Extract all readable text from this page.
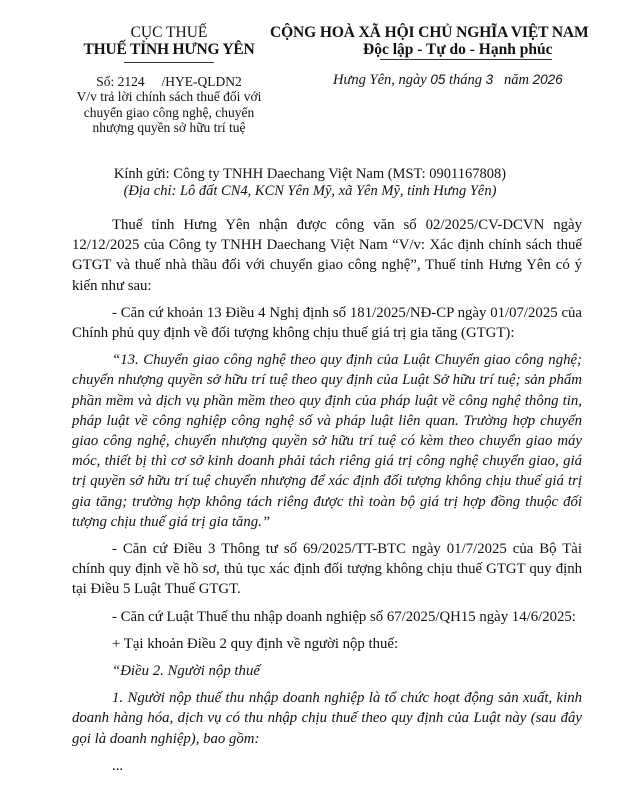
CỤC THUẾ
THUẾ TỈNH HƯNG YÊN
Số: 2124     /HYE-QLDN2
V/v trả lời chính sách thuế đối với
chuyển giao công nghệ, chuyển
nhượng quyền sở hữu trí tuệ
CỘNG HOÀ XÃ HỘI CHỦ NGHĨA VIỆT NAM
Độc lập - Tự do - Hạnh phúc
Hưng Yên, ngày 05 tháng 3   năm 2026
Kính gửi: Công ty TNHH Daechang Việt Nam (MST: 0901167808)
(Địa chỉ: Lô đất CN4, KCN Yên Mỹ, xã Yên Mỹ, tỉnh Hưng Yên)

Thuế tỉnh Hưng Yên nhận được công văn số 02/2025/CV-DCVN ngày 12/12/2025 của Công ty TNHH Daechang Việt Nam “V/v: Xác định chính sách thuế GTGT và thuế nhà thầu đối với chuyển giao công nghệ”, Thuế tỉnh Hưng Yên có ý kiến như sau:

- Căn cứ khoản 13 Điều 4 Nghị định số 181/2025/NĐ-CP ngày 01/07/2025 của Chính phủ quy định về đối tượng không chịu thuế giá trị gia tăng (GTGT):

“13. Chuyển giao công nghệ theo quy định của Luật Chuyển giao công nghệ; chuyển nhượng quyền sở hữu trí tuệ theo quy định của Luật Sở hữu trí tuệ; sản phẩm phần mềm và dịch vụ phần mềm theo quy định của pháp luật về công nghệ thông tin, pháp luật về công nghiệp công nghệ số và pháp luật liên quan. Trường hợp chuyển giao công nghệ, chuyển nhượng quyền sở hữu trí tuệ có kèm theo chuyển giao máy móc, thiết bị thì cơ sở kinh doanh phải tách riêng giá trị công nghệ chuyển giao, giá trị quyền sở hữu trí tuệ chuyển nhượng để xác định đối tượng không chịu thuế giá trị gia tăng; trường hợp không tách riêng được thì toàn bộ giá trị hợp đồng thuộc đối tượng chịu thuế giá trị gia tăng.”

- Căn cứ Điều 3 Thông tư số 69/2025/TT-BTC ngày 01/7/2025 của Bộ Tài chính quy định về hồ sơ, thủ tục xác định đối tượng không chịu thuế GTGT quy định tại Điều 5 Luật Thuế GTGT.

- Căn cứ Luật Thuế thu nhập doanh nghiệp số 67/2025/QH15 ngày 14/6/2025:

+ Tại khoản Điều 2 quy định về người nộp thuế:

“Điều 2. Người nộp thuế

1. Người nộp thuế thu nhập doanh nghiệp là tổ chức hoạt động sản xuất, kinh doanh hàng hóa, dịch vụ có thu nhập chịu thuế theo quy định của Luật này (sau đây gọi là doanh nghiệp), bao gồm:

...
